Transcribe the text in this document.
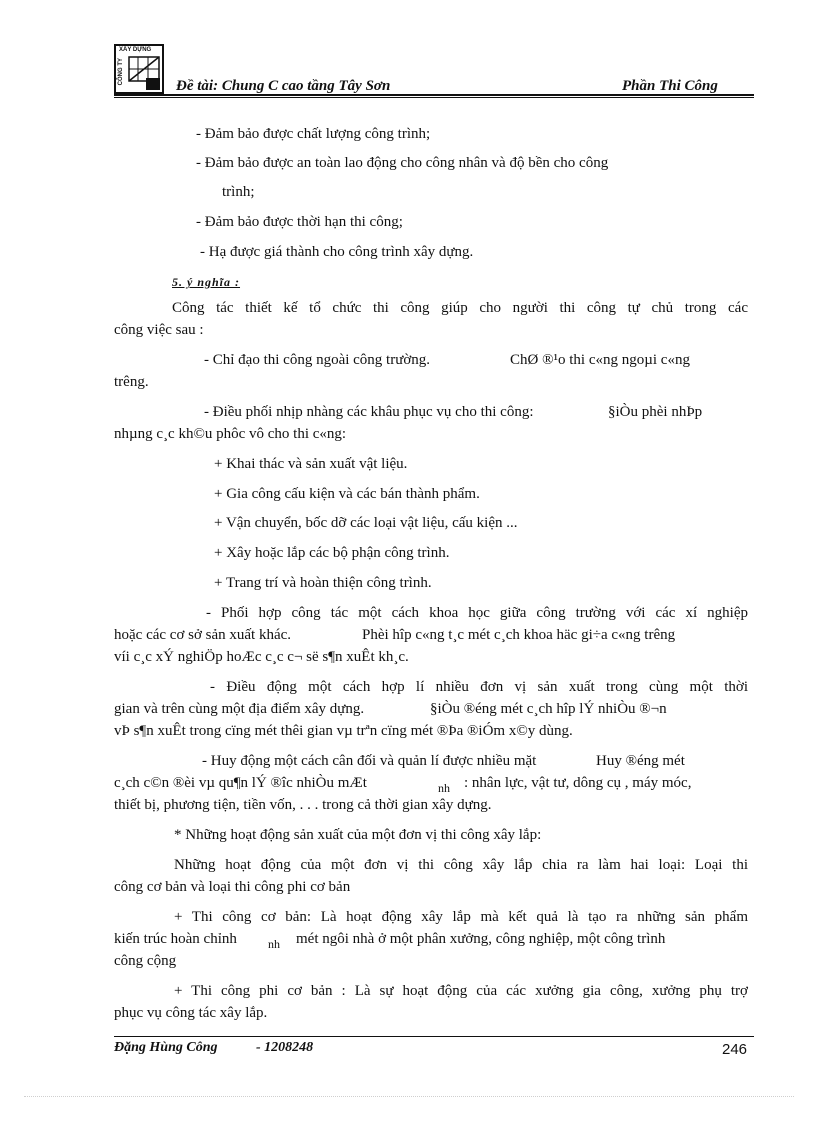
XÂY DỰNG
CÔNG TY
Đề tài: Chung C cao tầng Tây Sơn	Phần Thi Công
- Đảm bảo được chất lượng công trình;
- Đảm bảo được an toàn lao động cho công nhân và độ bền cho công
trình;
- Đảm bảo được thời hạn thi công;
- Hạ được giá thành cho công trình xây dựng.
5. ý nghĩa :
Công tác thiết kế tổ chức thi công giúp cho người thi công tự chủ trong các
công việc sau :
- Chỉ đạo thi công ngoài công trường.	ChØ ®¹o thi c«ng ngoµi c«ng
trêng.
- Điều phối nhịp nhàng các khâu phục vụ cho thi công:	§iÒu phèi nhÞp
nhµng c¸c kh©u phôc vô cho thi c«ng:
+ Khai thác và sản xuất vật liệu.
+ Gia công cấu kiện và các bán thành phẩm.
+ Vận chuyển, bốc dỡ các loại vật liệu, cấu kiện ...
+ Xây hoặc lắp các bộ phận công trình.
+ Trang trí và hoàn thiện công trình.
- Phối hợp công tác một cách khoa học giữa công trường với các xí nghiệp
hoặc các cơ sở sản xuất khác.	Phèi hîp c«ng t¸c mét c¸ch khoa häc gi÷a c«ng trêng
víi c¸c xÝ nghiÖp hoÆc c¸c c¬ së s¶n xuÊt kh¸c.
- Điều động một cách hợp lí nhiều đơn vị sản xuất trong cùng một thời
gian và trên cùng một địa điểm xây dựng.	§iÒu ®éng mét c¸ch hîp lÝ nhiÒu ®¬n
vÞ s¶n xuÊt trong cïng mét thêi gian vµ trªn cïng mét ®Þa ®iÓm x©y dùng.
- Huy động một cách cân đối và quản lí được nhiều mặt	Huy ®éng mét
c¸ch c©n ®èi vµ qu¶n lÝ ®îc nhiÒu mÆt	$_{nh}$ : nhân lực, vật tư, dông cụ , máy móc,
thiết bị, phương tiện, tiền vốn, . . . trong cả thời gian xây dựng.
* Những hoạt động sản xuất của một đơn vị thi công xây lắp:
Những hoạt động của một đơn vị thi công xây lắp chia ra làm hai loại: Loại thi
công cơ bản và loại thi công phi cơ bản
+ Thi công cơ bản: Là hoạt động xây lắp mà kết quả là tạo ra những sản phẩm
kiến trúc hoàn chỉnh	$_{nh}$ mét ngôi nhà ở một phân xưởng, công nghiệp, một công trình
công cộng
+ Thi công phi cơ bản : Là sự hoạt động của các xưởng gia công, xưởng phụ trợ
phục vụ công tác xây lắp.
Đặng Hùng Công	- 1208248	246
